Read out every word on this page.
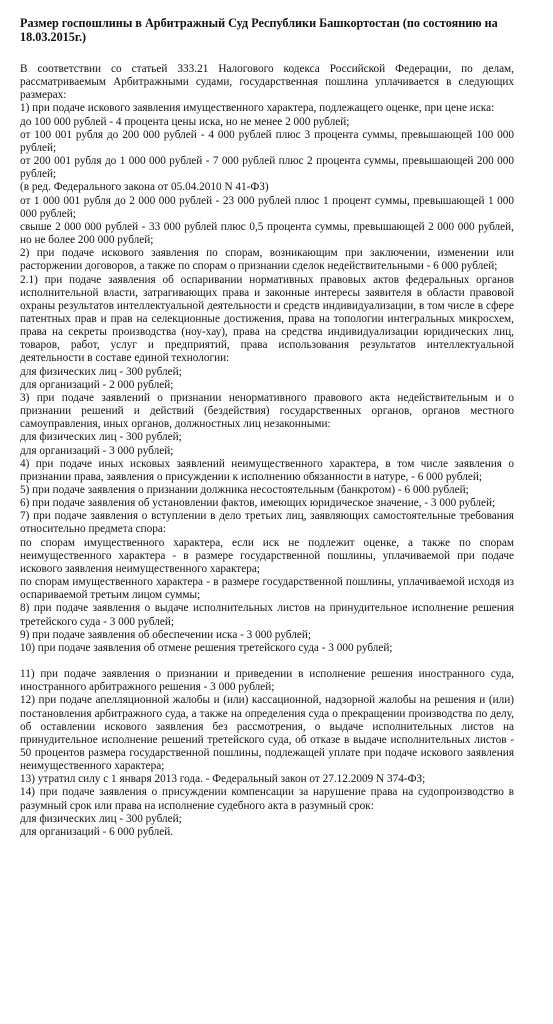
Размер госпошлины в Арбитражный Суд Республики Башкортостан (по состоянию на 18.03.2015г.)

В соответствии со статьей 333.21 Налогового кодекса Российской Федерации, по делам, рассматриваемым Арбитражными судами, государственная пошлина уплачивается в следующих размерах:

1) при подаче искового заявления имущественного характера, подлежащего оценке, при цене иска:

до 100 000 рублей - 4 процента цены иска, но не менее 2 000 рублей;

от 100 001 рубля до 200 000 рублей - 4 000 рублей плюс 3 процента суммы, превышающей 100 000 рублей;

от 200 001 рубля до 1 000 000 рублей - 7 000 рублей плюс 2 процента суммы, превышающей 200 000 рублей;

(в ред. Федерального закона от 05.04.2010 N 41-ФЗ)

от 1 000 001 рубля до 2 000 000 рублей - 23 000 рублей плюс 1 процент суммы, превышающей 1 000 000 рублей;

свыше 2 000 000 рублей - 33 000 рублей плюс 0,5 процента суммы, превышающей 2 000 000 рублей, но не более 200 000 рублей;

2) при подаче искового заявления по спорам, возникающим при заключении, изменении или расторжении договоров, а также по спорам о признании сделок недействительными - 6 000 рублей;

2.1) при подаче заявления об оспаривании нормативных правовых актов федеральных органов исполнительной власти, затрагивающих права и законные интересы заявителя в области правовой охраны результатов интеллектуальной деятельности и средств индивидуализации, в том числе в сфере патентных прав и прав на селекционные достижения, права на топологии интегральных микросхем, права на секреты производства (ноу-хау), права на средства индивидуализации юридических лиц, товаров, работ, услуг и предприятий, права использования результатов интеллектуальной деятельности в составе единой технологии:

для физических лиц - 300 рублей;

для организаций - 2 000 рублей;

3) при подаче заявлений о признании ненормативного правового акта недействительным и о признании решений и действий (бездействия) государственных органов, органов местного самоуправления, иных органов, должностных лиц незаконными:

для физических лиц - 300 рублей;

для организаций - 3 000 рублей;

4) при подаче иных исковых заявлений неимущественного характера, в том числе заявления о признании права, заявления о присуждении к исполнению обязанности в натуре, - 6 000 рублей;

5) при подаче заявления о признании должника несостоятельным (банкротом) - 6 000 рублей;

6) при подаче заявления об установлении фактов, имеющих юридическое значение, - 3 000 рублей;

7) при подаче заявления о вступлении в дело третьих лиц, заявляющих самостоятельные требования относительно предмета спора:

по спорам имущественного характера, если иск не подлежит оценке, а также по спорам неимущественного характера - в размере государственной пошлины, уплачиваемой при подаче искового заявления неимущественного характера;

по спорам имущественного характера - в размере государственной пошлины, уплачиваемой исходя из оспариваемой третьим лицом суммы;

8) при подаче заявления о выдаче исполнительных листов на принудительное исполнение решения третейского суда - 3 000 рублей;

9) при подаче заявления об обеспечении иска - 3 000 рублей;

10) при подаче заявления об отмене решения третейского суда - 3 000 рублей;

11) при подаче заявления о признании и приведении в исполнение решения иностранного суда, иностранного арбитражного решения - 3 000 рублей;

12) при подаче апелляционной жалобы и (или) кассационной, надзорной жалобы на решения и (или) постановления арбитражного суда, а также на определения суда о прекращении производства по делу, об оставлении искового заявления без рассмотрения, о выдаче исполнительных листов на принудительное исполнение решений третейского суда, об отказе в выдаче исполнительных листов - 50 процентов размера государственной пошлины, подлежащей уплате при подаче искового заявления неимущественного характера;

13) утратил силу с 1 января 2013 года. - Федеральный закон от 27.12.2009 N 374-ФЗ;

14) при подаче заявления о присуждении компенсации за нарушение права на судопроизводство в разумный срок или права на исполнение судебного акта в разумный срок:

для физических лиц - 300 рублей;

для организаций - 6 000 рублей.
